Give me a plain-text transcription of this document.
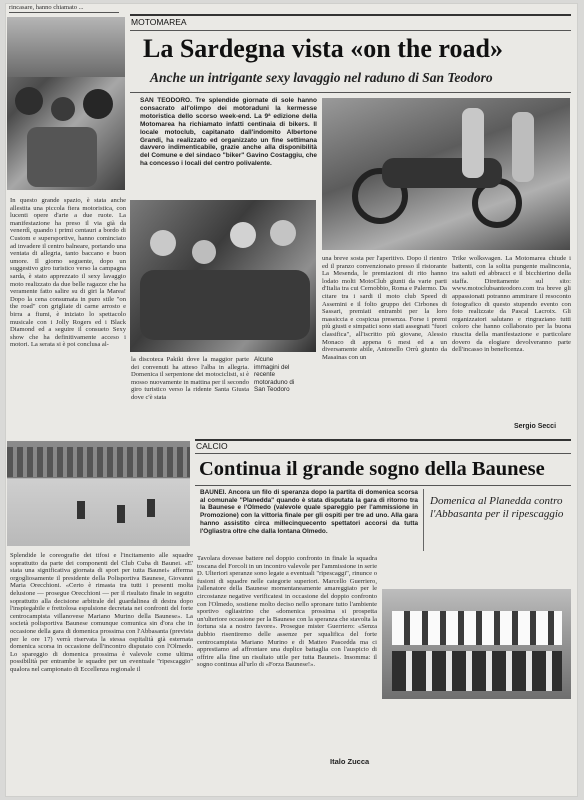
rincasare, hanno chiamato ...
MOTOMAREA
La Sardegna vista «on the road»
Anche un intrigante sexy lavaggio nel raduno di San Teodoro
SAN TEODORO. Tre splendide giornate di sole hanno consacrato all'olimpo dei motoraduni la kermesse motoristica dello scorso week-end. La 9ª edizione della Motomarea ha richiamato infatti centinaia di bikers. Il locale motoclub, capitanato dall'indomito Albertone Grandi, ha realizzato ed organizzato un fine settimana davvero indimenticabile, grazie anche alla disponibilità del Comune e del sindaco "biker" Gavino Costaggiu, che ha concesso i locali del centro polivalente.
In questo grande spazio, è stata anche allestita una piccola fiera motoristica, con lucenti opere d'arte a due ruote. La manifestazione ha preso il via già da venerdì, quando i primi centauri a bordo di Custom e supersportive, hanno cominciato ad invadere il centro balneare, portando una ventata di allegria, tanto baccano e buon umore. Il giorno seguente, dopo un suggestivo giro turistico verso la campagna sarda, è stato apprezzato il sexy lavaggio moto realizzato da due belle ragazze che ha veramente fatto salire su di giri la Marea! Dopo la cena consumata in puro stile "on the road" con grigliate di carne arrosto e birra a fiumi, è iniziato lo spettacolo musicale con i Jolly Rogers ed i Black Diamond ed a seguire il consueto Sexy show che ha definitivamente acceso i motori. La serata si è poi conclusa al-
la discoteca Pakiki dove la maggior parte dei convenuti ha atteso l'alba in allegria. Domenica il serpentone dei motociclisti, si è mosso nuovamente in mattina per il secondo giro turistico verso la ridente Santa Giusta dove c'è stata
Alcune immagini del recente motoraduno di San Teodoro
una breve sosta per l'aperitivo. Dopo il rientro ed il pranzo convenzionato presso il ristorante La Mesenda, le premiazioni di rito hanno lodato molti MotoClub giunti da varie parti d'Italia tra cui Cernobbio, Roma e Palermo. Da citare tra i sardi il moto club Speed di Assemini e il folto gruppo dei Cirbones di Sassari, premiati entrambi per la loro massiccia e cospicua presenza. Forse i premi più giusti e simpatici sono stati assegnati "fuori classifica", all'iscritto più giovane, Alessio Monaco di appena 6 mesi ed a un diversamente abile, Antonello Orrù giunto da Masainas con un
Trike wolksvagen. La Motomarea chiude i battenti, con la solita pungente malinconia, tra saluti ed abbracci e il bicchierino della staffa. Direttamente sul sito: www.motoclubsanteodoro.com tra breve gli appassionati potranno ammirare il resoconto fotografico di questo stupendo evento con foto realizzate da Pascal Lacroix. Gli organizzatori salutano e ringraziano tutti coloro che hanno collaborato per la buona riuscita della manifestazione e particolare dovero da elogiare devolveranno parte dell'incasso in beneficenza.
Sergio Secci
CALCIO
Continua il grande sogno della Baunese
BAUNEI. Ancora un filo di speranza dopo la partita di domenica scorsa al comunale "Planedda" quando è stata disputata la gara di ritorno tra la Baunese e l'Olmedo (valevole quale spareggio per l'ammissione in Promozione) con la vittoria finale per gli ospiti per tre ad uno. Alla gara hanno assistito circa millecinquecento spettatori accorsi da tutta l'Ogliastra oltre che dalla lontana Olmedo.
Domenica al Planedda contro l'Abbasanta per il ripescaggio
Splendide le coreografie dei tifosi e l'incitamento alle squadre soprattutto da parte dei componenti del Club Cuba di Baunei. «E' stata una significativa giornata di sport per tutta Baunei» afferma orgogliosamente il presidente della Polisportiva Baunese, Giovanni Maria Orecchioni. «Certo è rimasta tra tutti i presenti molta delusione — prosegue Orecchioni — per il risultato finale in seguito soprattutto alla decisione arbitrale del guardalinea di destra dopo l'inspiegabile e frettolosa espulsione decretata nei confronti del forte centrocampista villanovese Mariano Murino della Baunese». La società polisportiva Baunese comunque comunica sin d'ora che in occasione della gara di domenica prossima con l'Abbasanta (prevista per le ore 17) verrà riservata la stessa ospitalità già esternata domenica scorsa in occasione dell'incontro disputato con l'Olmedo. Lo spareggio di domenica prossima è valevole come ultima possibilità per entrambe le squadre per un eventuale "ripescaggio" qualora nel campionato di Eccellenza regionale il
Tavolara dovesse battere nel doppio confronto in finale la squadra toscana del Forcoli in un incontro valevole per l'ammissione in serie D. Ulteriori speranze sono legate a eventuali "ripescaggi", rinunce o fusioni di squadre nelle categorie superiori. Marcello Guerriero, l'allenatore della Baunese momentaneamente amareggiato per le circostanze negative verificatesi in occasione del doppio confronto con l'Olmedo, sostiene molto deciso nello spronare tutto l'ambiente sportivo ogliastrino che «domenica prossima si prospetta un'ulteriore occasione per la Baunese con la speranza che stavolta la fortuna sia a nostro favore». Prosegue mister Guerriero: «Senza dubbio risentiremo delle assenze per squalifica del forte centrocampista Mariano Murino e di Matteo Pascedda ma ci apprestiamo ad affrontare una duplice battaglia con l'auspicio di offrire alla fine un risultato utile per tutta Baunei». Insomma: il sogno continua all'urlo di «Forza Baunese!».
Italo Zucca
